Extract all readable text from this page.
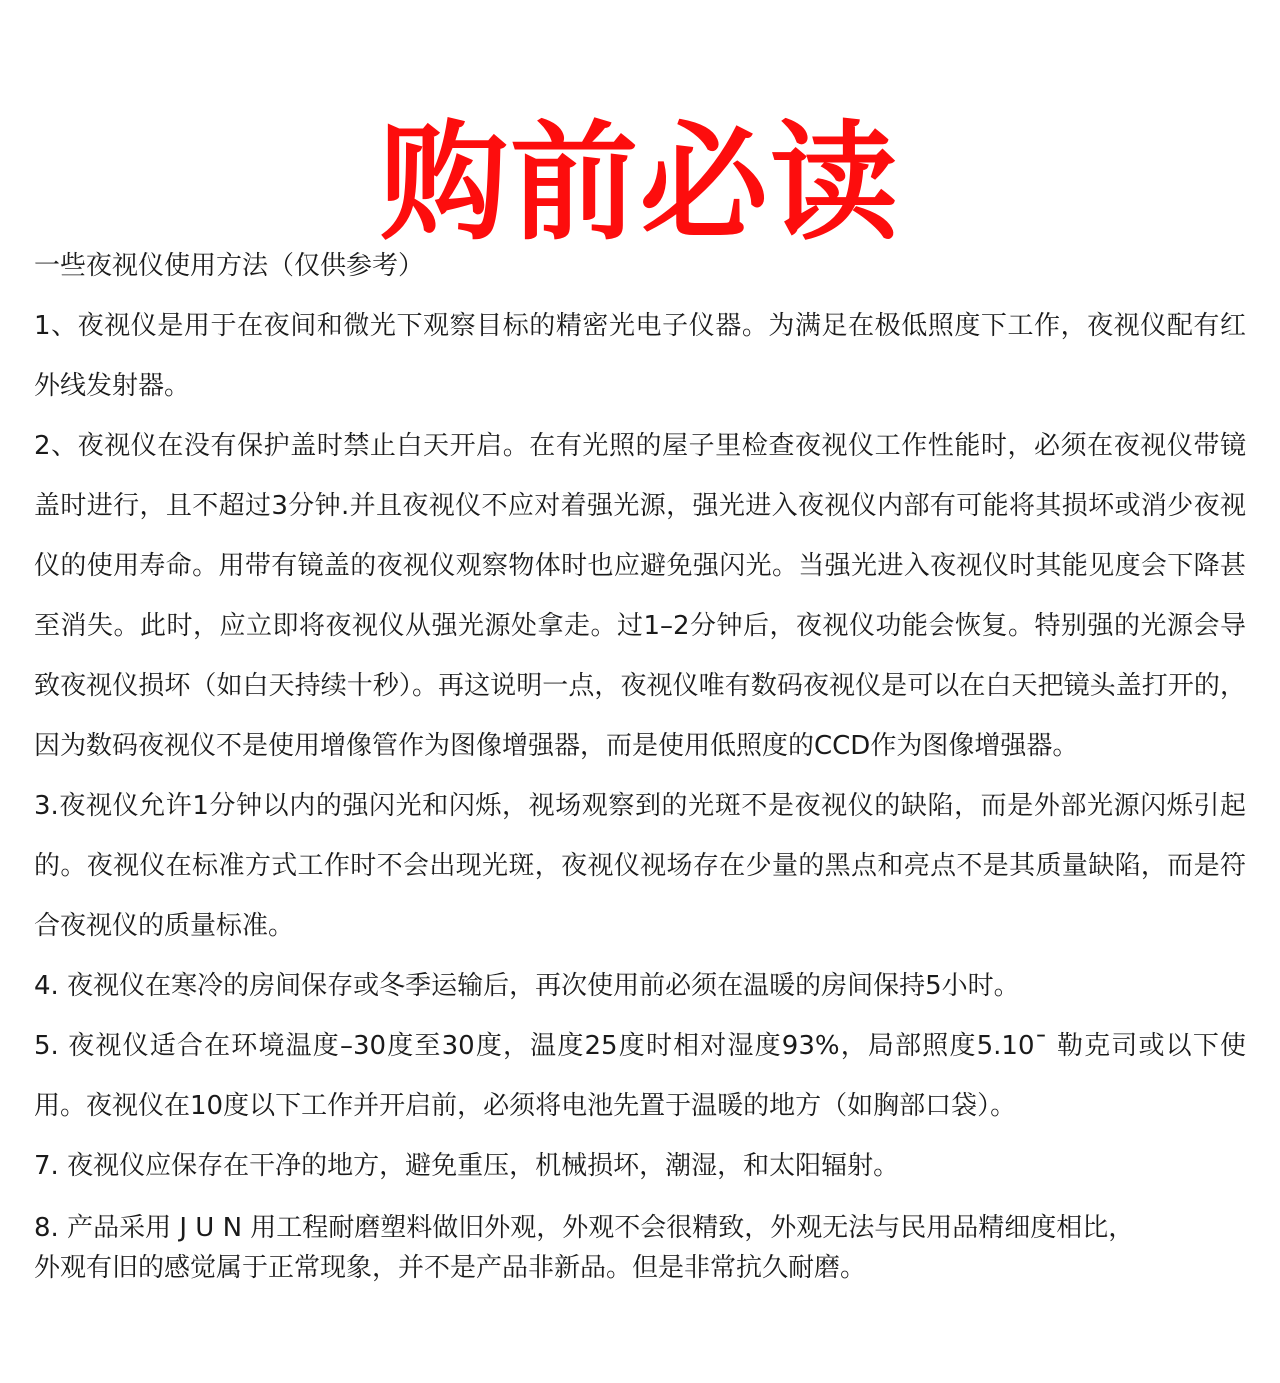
购前必读

一些夜视仪使用方法（仅供参考）

1、夜视仪是用于在夜间和微光下观察目标的精密光电子仪器。为满足在极低照度下工作，夜视仪配有红外线发射器。

2、夜视仪在没有保护盖时禁止白天开启。在有光照的屋子里检查夜视仪工作性能时，必须在夜视仪带镜盖时进行，且不超过3分钟.并且夜视仪不应对着强光源，强光进入夜视仪内部有可能将其损坏或消少夜视仪的使用寿命。用带有镜盖的夜视仪观察物体时也应避免强闪光。当强光进入夜视仪时其能见度会下降甚至消失。此时，应立即将夜视仪从强光源处拿走。过1–2分钟后，夜视仪功能会恢复。特别强的光源会导致夜视仪损坏（如白天持续十秒）。再这说明一点，夜视仪唯有数码夜视仪是可以在白天把镜头盖打开的，因为数码夜视仪不是使用增像管作为图像增强器，而是使用低照度的CCD作为图像增强器。

3.夜视仪允许1分钟以内的强闪光和闪烁，视场观察到的光斑不是夜视仪的缺陷，而是外部光源闪烁引起的。夜视仪在标准方式工作时不会出现光斑，夜视仪视场存在少量的黑点和亮点不是其质量缺陷，而是符合夜视仪的质量标准。

4. 夜视仪在寒冷的房间保存或冬季运输后，再次使用前必须在温暖的房间保持5小时。

5. 夜视仪适合在环境温度–30度至30度，温度25度时相对湿度93%，局部照度5.10ˉ 勒克司或以下使用。夜视仪在10度以下工作并开启前，必须将电池先置于温暖的地方（如胸部口袋）。

7. 夜视仪应保存在干净的地方，避免重压，机械损坏，潮湿，和太阳辐射。

8. 产品采用 J U N 用工程耐磨塑料做旧外观，外观不会很精致，外观无法与民用品精细度相比，
外观有旧的感觉属于正常现象，并不是产品非新品。但是非常抗久耐磨。
